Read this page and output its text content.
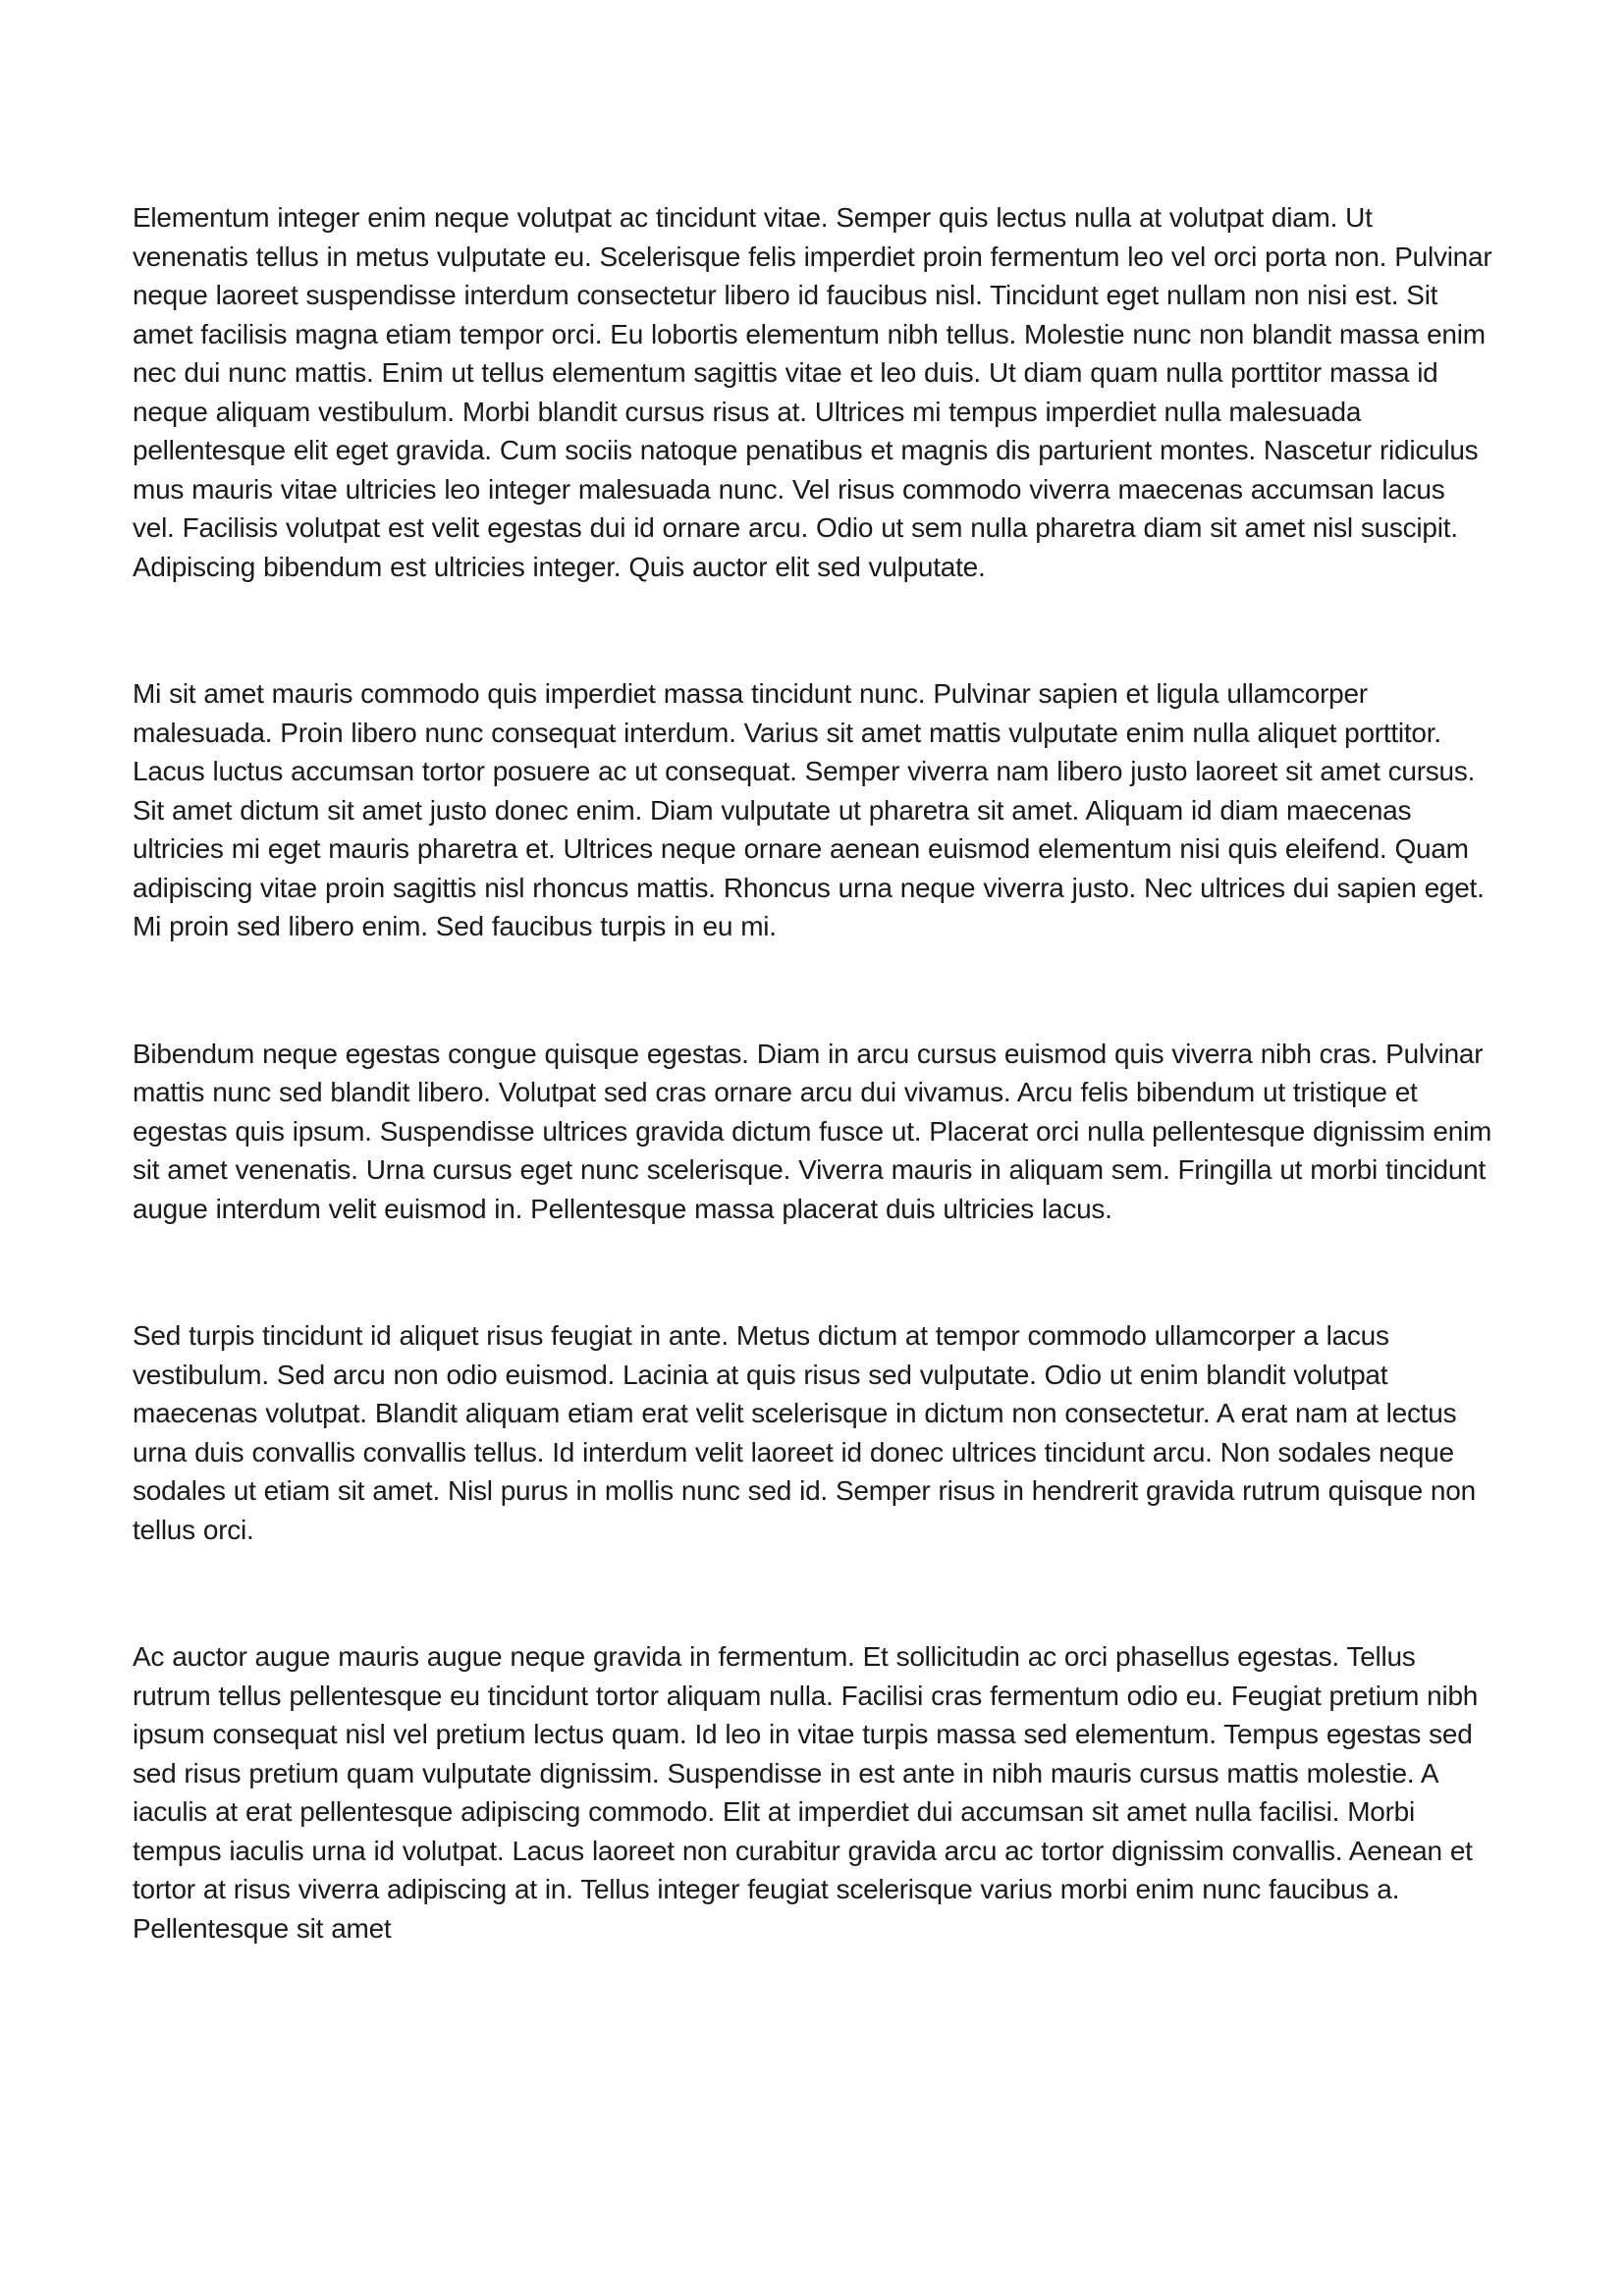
Elementum integer enim neque volutpat ac tincidunt vitae. Semper quis lectus nulla at volutpat diam. Ut venenatis tellus in metus vulputate eu. Scelerisque felis imperdiet proin fermentum leo vel orci porta non. Pulvinar neque laoreet suspendisse interdum consectetur libero id faucibus nisl. Tincidunt eget nullam non nisi est. Sit amet facilisis magna etiam tempor orci. Eu lobortis elementum nibh tellus. Molestie nunc non blandit massa enim nec dui nunc mattis. Enim ut tellus elementum sagittis vitae et leo duis. Ut diam quam nulla porttitor massa id neque aliquam vestibulum. Morbi blandit cursus risus at. Ultrices mi tempus imperdiet nulla malesuada pellentesque elit eget gravida. Cum sociis natoque penatibus et magnis dis parturient montes. Nascetur ridiculus mus mauris vitae ultricies leo integer malesuada nunc. Vel risus commodo viverra maecenas accumsan lacus vel. Facilisis volutpat est velit egestas dui id ornare arcu. Odio ut sem nulla pharetra diam sit amet nisl suscipit. Adipiscing bibendum est ultricies integer. Quis auctor elit sed vulputate.

Mi sit amet mauris commodo quis imperdiet massa tincidunt nunc. Pulvinar sapien et ligula ullamcorper malesuada. Proin libero nunc consequat interdum. Varius sit amet mattis vulputate enim nulla aliquet porttitor. Lacus luctus accumsan tortor posuere ac ut consequat. Semper viverra nam libero justo laoreet sit amet cursus. Sit amet dictum sit amet justo donec enim. Diam vulputate ut pharetra sit amet. Aliquam id diam maecenas ultricies mi eget mauris pharetra et. Ultrices neque ornare aenean euismod elementum nisi quis eleifend. Quam adipiscing vitae proin sagittis nisl rhoncus mattis. Rhoncus urna neque viverra justo. Nec ultrices dui sapien eget. Mi proin sed libero enim. Sed faucibus turpis in eu mi.

Bibendum neque egestas congue quisque egestas. Diam in arcu cursus euismod quis viverra nibh cras. Pulvinar mattis nunc sed blandit libero. Volutpat sed cras ornare arcu dui vivamus. Arcu felis bibendum ut tristique et egestas quis ipsum. Suspendisse ultrices gravida dictum fusce ut. Placerat orci nulla pellentesque dignissim enim sit amet venenatis. Urna cursus eget nunc scelerisque. Viverra mauris in aliquam sem. Fringilla ut morbi tincidunt augue interdum velit euismod in. Pellentesque massa placerat duis ultricies lacus.

Sed turpis tincidunt id aliquet risus feugiat in ante. Metus dictum at tempor commodo ullamcorper a lacus vestibulum. Sed arcu non odio euismod. Lacinia at quis risus sed vulputate. Odio ut enim blandit volutpat maecenas volutpat. Blandit aliquam etiam erat velit scelerisque in dictum non consectetur. A erat nam at lectus urna duis convallis convallis tellus. Id interdum velit laoreet id donec ultrices tincidunt arcu. Non sodales neque sodales ut etiam sit amet. Nisl purus in mollis nunc sed id. Semper risus in hendrerit gravida rutrum quisque non tellus orci.

Ac auctor augue mauris augue neque gravida in fermentum. Et sollicitudin ac orci phasellus egestas. Tellus rutrum tellus pellentesque eu tincidunt tortor aliquam nulla. Facilisi cras fermentum odio eu. Feugiat pretium nibh ipsum consequat nisl vel pretium lectus quam. Id leo in vitae turpis massa sed elementum. Tempus egestas sed sed risus pretium quam vulputate dignissim. Suspendisse in est ante in nibh mauris cursus mattis molestie. A iaculis at erat pellentesque adipiscing commodo. Elit at imperdiet dui accumsan sit amet nulla facilisi. Morbi tempus iaculis urna id volutpat. Lacus laoreet non curabitur gravida arcu ac tortor dignissim convallis. Aenean et tortor at risus viverra adipiscing at in. Tellus integer feugiat scelerisque varius morbi enim nunc faucibus a. Pellentesque sit amet
